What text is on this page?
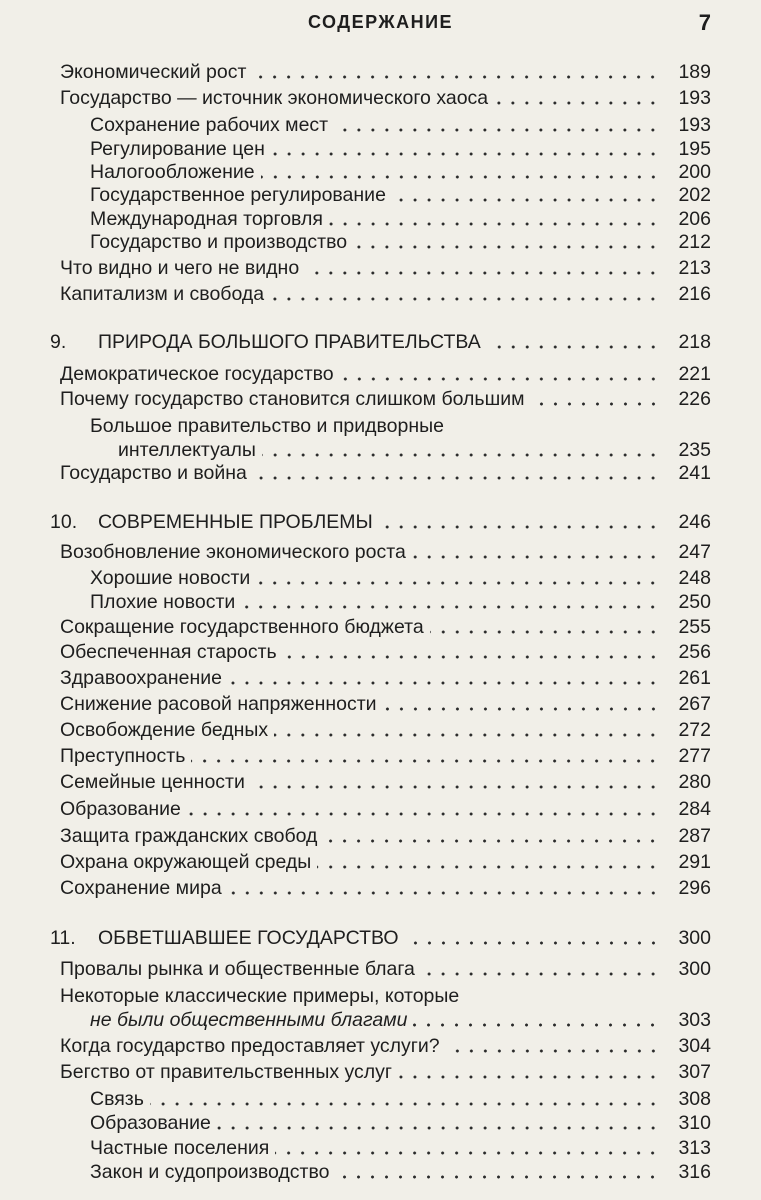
СОДЕРЖАНИЕ	7
Экономический рост	189
Государство — источник экономического хаоса	193
Сохранение рабочих мест	193
Регулирование цен	195
Налогообложение	200
Государственное регулирование	202
Международная торговля	206
Государство и производство	212
Что видно и чего не видно	213
Капитализм и свобода	216
9. ПРИРОДА БОЛЬШОГО ПРАВИТЕЛЬСТВА	218
Демократическое государство	221
Почему государство становится слишком большим	226
Большое правительство и придворные
интеллектуалы	235
Государство и война	241
10. СОВРЕМЕННЫЕ ПРОБЛЕМЫ	246
Возобновление экономического роста	247
Хорошие новости	248
Плохие новости	250
Сокращение государственного бюджета	255
Обеспеченная старость	256
Здравоохранение	261
Снижение расовой напряженности	267
Освобождение бедных	272
Преступность	277
Семейные ценности	280
Образование	284
Защита гражданских свобод	287
Охрана окружающей среды	291
Сохранение мира	296
11. ОБВЕТШАВШЕЕ ГОСУДАРСТВО	300
Провалы рынка и общественные блага	300
Некоторые классические примеры, которые
не были общественными благами	303
Когда государство предоставляет услуги?	304
Бегство от правительственных услуг	307
Связь	308
Образование	310
Частные поселения	313
Закон и судопроизводство	316
